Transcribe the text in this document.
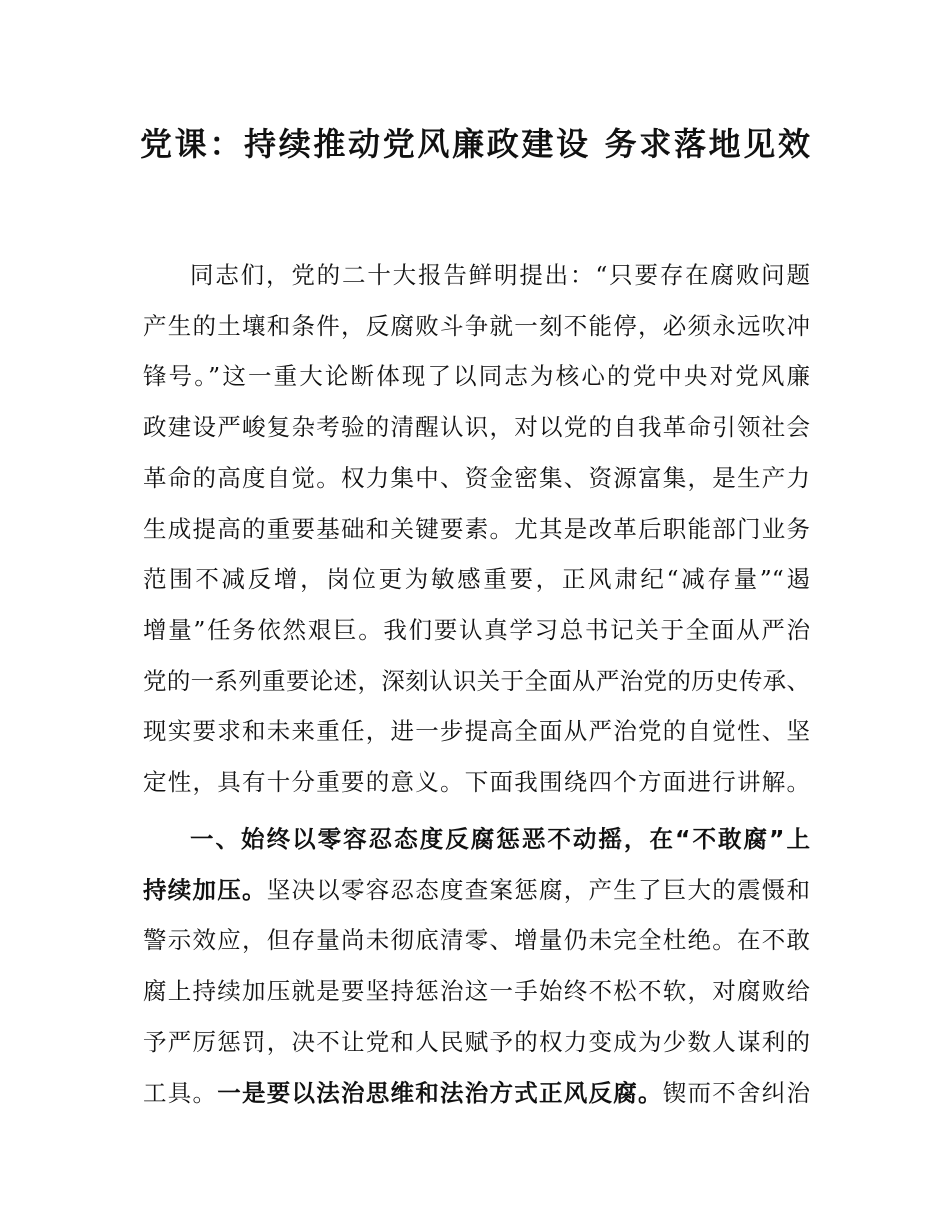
党课：持续推动党风廉政建设 务求落地见效
同志们，党的二十大报告鲜明提出：“只要存在腐败问题
产生的土壤和条件，反腐败斗争就一刻不能停，必须永远吹冲
锋号。”这一重大论断体现了以同志为核心的党中央对党风廉
政建设严峻复杂考验的清醒认识，对以党的自我革命引领社会
革命的高度自觉。权力集中、资金密集、资源富集，是生产力
生成提高的重要基础和关键要素。尤其是改革后职能部门业务
范围不减反增，岗位更为敏感重要，正风肃纪“减存量”“遏
增量”任务依然艰巨。我们要认真学习总书记关于全面从严治
党的一系列重要论述，深刻认识关于全面从严治党的历史传承、
现实要求和未来重任，进一步提高全面从严治党的自觉性、坚
定性，具有十分重要的意义。下面我围绕四个方面进行讲解。
一、始终以零容忍态度反腐惩恶不动摇，在“不敢腐”上
持续加压。坚决以零容忍态度查案惩腐，产生了巨大的震慑和
警示效应，但存量尚未彻底清零、增量仍未完全杜绝。在不敢
腐上持续加压就是要坚持惩治这一手始终不松不软，对腐败给
予严厉惩罚，决不让党和人民赋予的权力变成为少数人谋利的
工具。一是要以法治思维和法治方式正风反腐。锲而不舍纠治
